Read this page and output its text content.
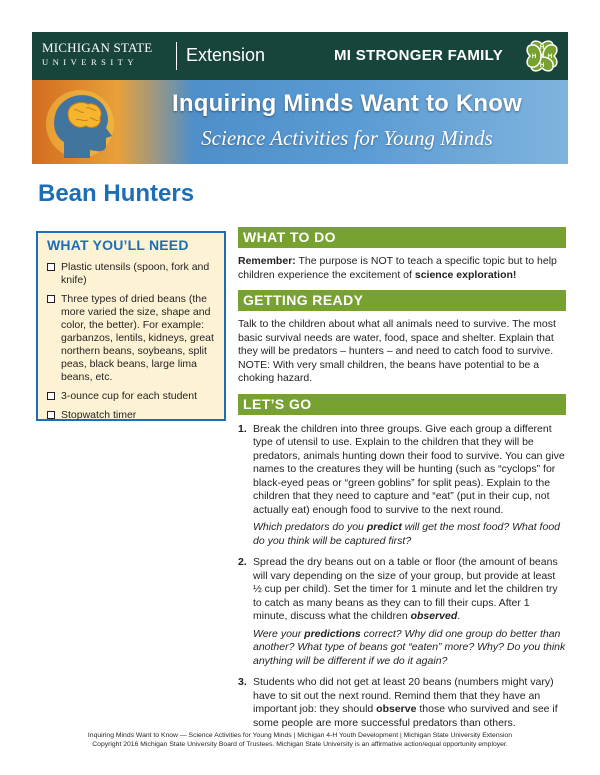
MICHIGAN STATE
UNIVERSITY	Extension	MI STRONGER FAMILY	H
H
H
H
Inquiring Minds Want to Know
Science Activities for Young Minds
Bean Hunters
WHAT YOU’LL NEED
Plastic utensils (spoon, fork and knife)
Three types of dried beans (the more varied the size, shape and color, the better). For example: garbanzos, lentils, kidneys, great northern beans, soybeans, split peas, black beans, large lima beans, etc.
3-ounce cup for each student
Stopwatch timer
WHAT TO DO

Remember: The purpose is NOT to teach a specific topic but to help children experience the excitement of science exploration!

GETTING READY

Talk to the children about what all animals need to survive. The most basic survival needs are water, food, space and shelter. Explain that they will be predators – hunters – and need to catch food to survive. NOTE: With very small children, the beans have potential to be a choking hazard.

LET’S GO
1. Break the children into three groups. Give each group a different type of utensil to use. Explain to the children that they will be predators, animals hunting down their food to survive. You can give names to the creatures they will be hunting (such as “cyclops” for black-eyed peas or “green goblins” for split peas). Explain to the children that they need to capture and “eat” (put in their cup, not actually eat) enough food to survive to the next round.
Which predators do you predict will get the most food? What food do you think will be captured first?
2. Spread the dry beans out on a table or floor (the amount of beans will vary depending on the size of your group, but provide at least ½ cup per child). Set the timer for 1 minute and let the children try to catch as many beans as they can to fill their cups. After 1 minute, discuss what the children observed.
Were your predictions correct? Why did one group do better than another? What type of beans got “eaten” more? Why? Do you think anything will be different if we do it again?
3. Students who did not get at least 20 beans (numbers might vary) have to sit out the next round. Remind them that they have an important job: they should observe those who survived and see if some people are more successful predators than others.
Inquiring Minds Want to Know — Science Activities for Young Minds | Michigan 4-H Youth Development | Michigan State University Extension
Copyright 2016 Michigan State University Board of Trustees. Michigan State University is an affirmative action/equal opportunity employer.
